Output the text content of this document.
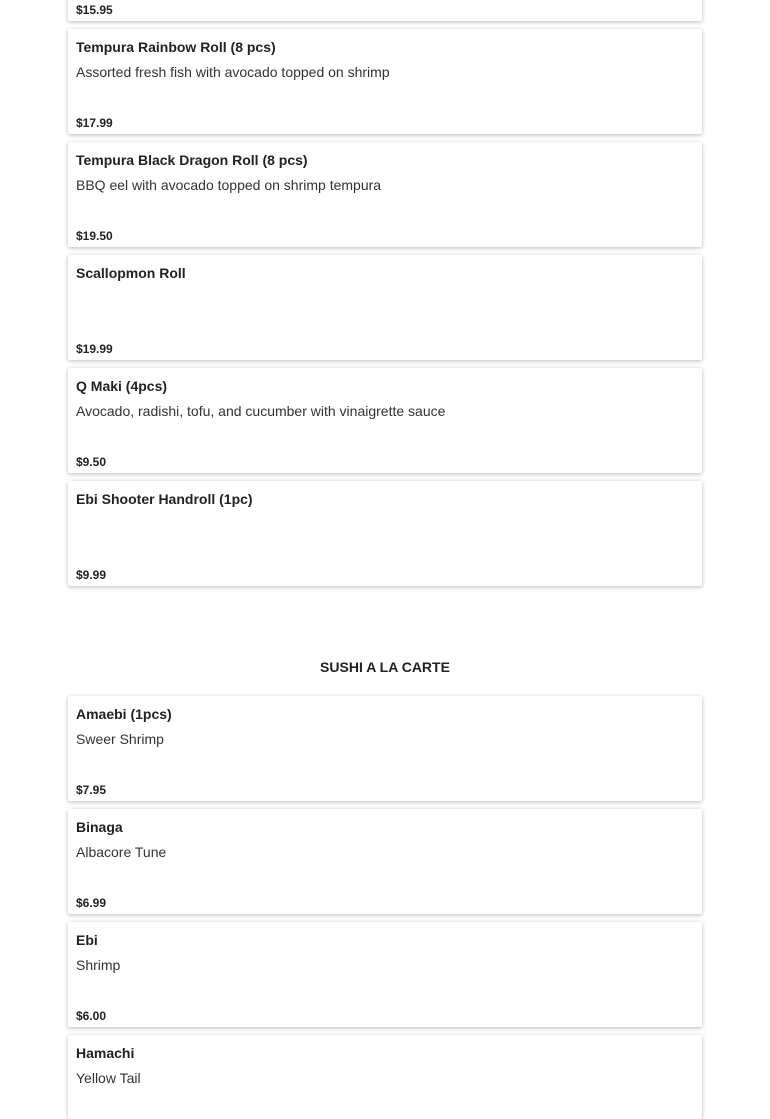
$15.95
Tempura Rainbow Roll (8 pcs)
Assorted fresh fish with avocado topped on shrimp
$17.99
Tempura Black Dragon Roll (8 pcs)
BBQ eel with avocado topped on shrimp tempura
$19.50
Scallopmon Roll
$19.99
Q Maki (4pcs)
Avocado, radishi, tofu, and cucumber with vinaigrette sauce
$9.50
Ebi Shooter Handroll (1pc)
$9.99
SUSHI A LA CARTE
Amaebi (1pcs)
Sweer Shrimp
$7.95
Binaga
Albacore Tune
$6.99
Ebi
Shrimp
$6.00
Hamachi
Yellow Tail
